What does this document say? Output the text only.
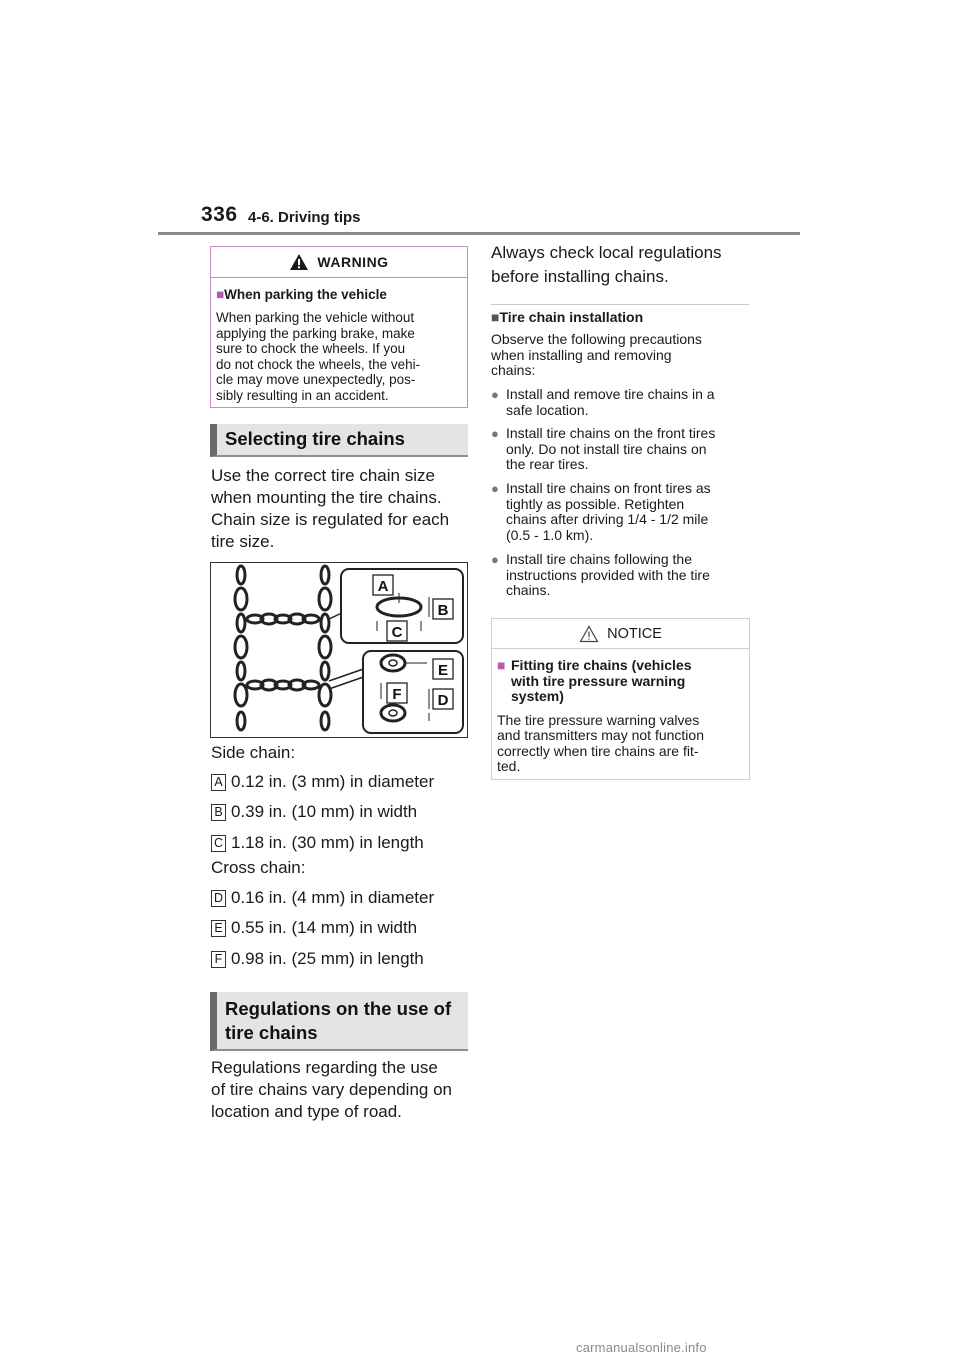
336 4-6. Driving tips
WARNING
■When parking the vehicle
When parking the vehicle without
applying the parking brake, make
sure to chock the wheels. If you
do not chock the wheels, the vehi-
cle may move unexpectedly, pos-
sibly resulting in an accident.
Selecting tire chains
Use the correct tire chain size
when mounting the tire chains.
Chain size is regulated for each
tire size.
A
B
C
E
F D
Side chain:
A 0.12 in. (3 mm) in diameter
B 0.39 in. (10 mm) in width
C 1.18 in. (30 mm) in length
Cross chain:
D 0.16 in. (4 mm) in diameter
E 0.55 in. (14 mm) in width
F 0.98 in. (25 mm) in length
Regulations on the use of
tire chains
Regulations regarding the use
of tire chains vary depending on
location and type of road.
Always check local regulations
before installing chains.
■Tire chain installation
Observe the following precautions
when installing and removing
chains:
● Install and remove tire chains in a
safe location.
● Install tire chains on the front tires
only. Do not install tire chains on
the rear tires.
● Install tire chains on front tires as
tightly as possible. Retighten
chains after driving 1/4 - 1/2 mile
(0.5 - 1.0 km).
● Install tire chains following the
instructions provided with the tire
chains.
NOTICE
■ Fitting tire chains (vehicles
with tire pressure warning
system)
The tire pressure warning valves
and transmitters may not function
correctly when tire chains are fit-
ted.
carmanualsonline.info
